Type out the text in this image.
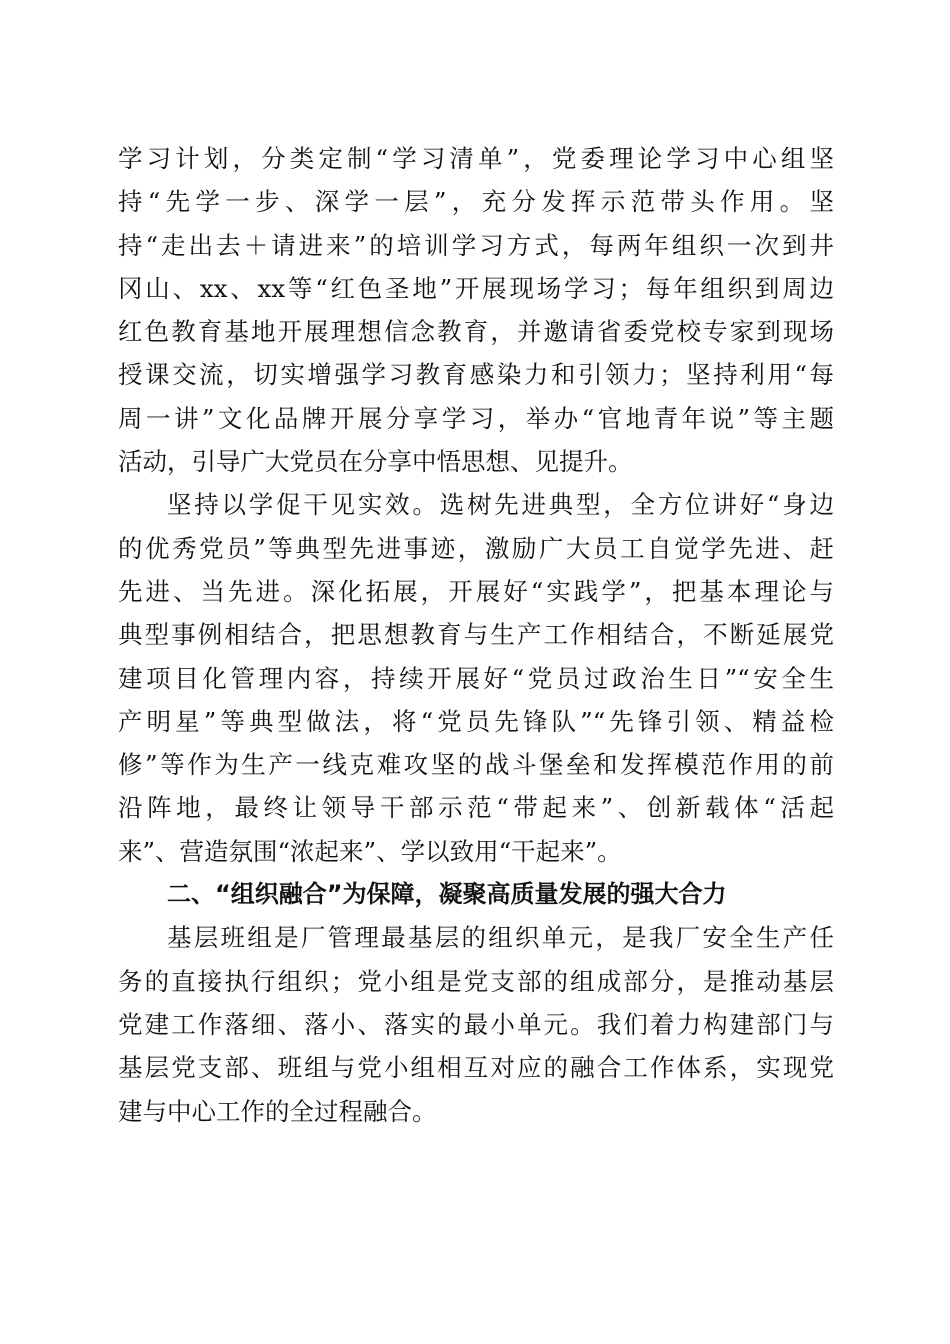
学习计划，分类定制“学习清单”，党委理论学习中心组坚
持“先学一步、深学一层”，充分发挥示范带头作用。坚
持“走出去＋请进来”的培训学习方式，每两年组织一次到井
冈山、xx、xx等“红色圣地”开展现场学习；每年组织到周边
红色教育基地开展理想信念教育，并邀请省委党校专家到现场
授课交流，切实增强学习教育感染力和引领力；坚持利用“每
周一讲”文化品牌开展分享学习，举办“官地青年说”等主题
活动，引导广大党员在分享中悟思想、见提升。
坚持以学促干见实效。选树先进典型，全方位讲好“身边
的优秀党员”等典型先进事迹，激励广大员工自觉学先进、赶
先进、当先进。深化拓展，开展好“实践学”，把基本理论与
典型事例相结合，把思想教育与生产工作相结合，不断延展党
建项目化管理内容，持续开展好“党员过政治生日”“安全生
产明星”等典型做法，将“党员先锋队”“先锋引领、精益检
修”等作为生产一线克难攻坚的战斗堡垒和发挥模范作用的前
沿阵地，最终让领导干部示范“带起来”、创新载体“活起
来”、营造氛围“浓起来”、学以致用“干起来”。
二、“组织融合”为保障，凝聚高质量发展的强大合力
基层班组是厂管理最基层的组织单元，是我厂安全生产任
务的直接执行组织；党小组是党支部的组成部分，是推动基层
党建工作落细、落小、落实的最小单元。我们着力构建部门与
基层党支部、班组与党小组相互对应的融合工作体系，实现党
建与中心工作的全过程融合。
